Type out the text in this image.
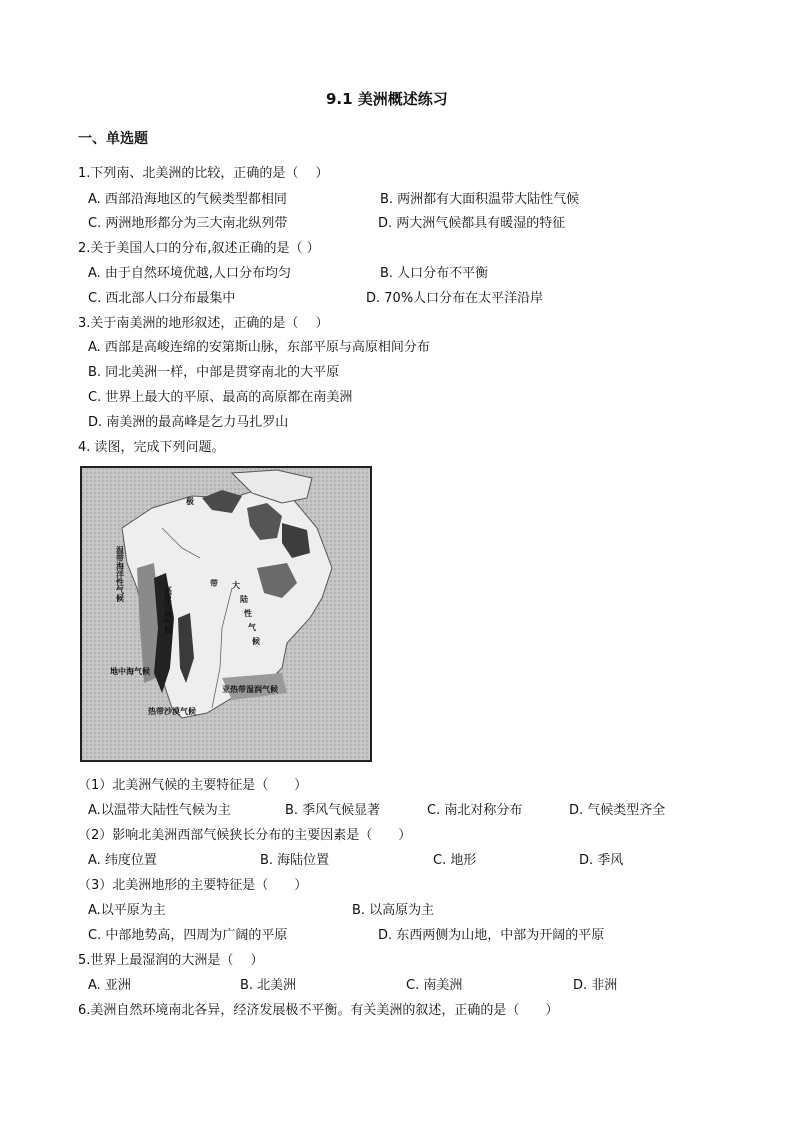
9.1 美洲概述练习
一、单选题
1.下列南、北美洲的比较，正确的是（　 ）
A. 西部沿海地区的气候类型都相同	B. 两洲都有大面积温带大陆性气候
C. 两洲地形都分为三大南北纵列带	D. 两大洲气候都具有暖湿的特征
2.关于美国人口的分布,叙述正确的是（ ）
A. 由于自然环境优越,人口分布均匀	B. 人口分布不平衡
C. 西北部人口分布最集中	D. 70%人口分布在太平洋沿岸
3.关于南美洲的地形叙述，正确的是（　 ）
A. 西部是高峻连绵的安第斯山脉，东部平原与高原相间分布
B. 同北美洲一样，中部是贯穿南北的大平原
C. 世界上最大的平原、最高的高原都在南美洲
D. 南美洲的最高峰是乞力马扎罗山
4. 读图，完成下列问题。
极
温带海洋性气候
高原山地气候
带 大
陆
性
气
候
地中海气候
热带沙漠气候
亚热带湿润气候
（1）北美洲气候的主要特征是（　　）
A.以温带大陆性气候为主	B. 季风气候显著	C. 南北对称分布	D. 气候类型齐全
（2）影响北美洲西部气候狭长分布的主要因素是（　　）
A. 纬度位置	B. 海陆位置	C. 地形	D. 季风
（3）北美洲地形的主要特征是（　　）
A.以平原为主	B. 以高原为主
C. 中部地势高，四周为广阔的平原	D. 东西两侧为山地，中部为开阔的平原
5.世界上最湿润的大洲是（　 ）
A. 亚洲	B. 北美洲	C. 南美洲	D. 非洲
6.美洲自然环境南北各异，经济发展极不平衡。有关美洲的叙述，正确的是（　　）
